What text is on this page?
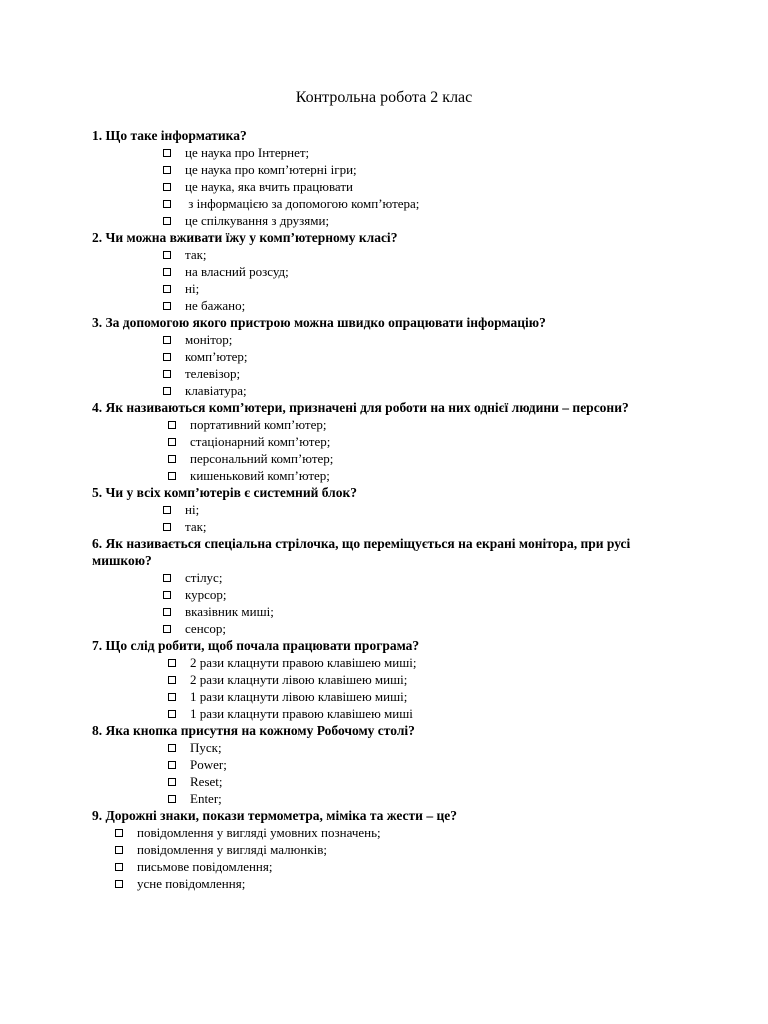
Контрольна робота 2 клас

1. Що таке інформатика?

це наука про Інтернет;
це наука про комп’ютерні ігри;
це наука, яка вчить працювати
з інформацією за допомогою комп’ютера;
це спілкування з друзями;

2. Чи можна вживати їжу у комп’ютерному класі?

так;
на власний розсуд;
ні;
не бажано;

3. За допомогою якого пристрою можна швидко опрацювати інформацію?

монітор;
комп’ютер;
телевізор;
клавіатура;

4. Як називаються комп’ютери, призначені для роботи на них однієї людини – персони?

портативний комп’ютер;
стаціонарний комп’ютер;
персональний комп’ютер;
кишеньковий комп’ютер;

5. Чи у всіх комп’ютерів є системний блок?

ні;
так;

6. Як називається спеціальна стрілочка, що переміщується на екрані монітора, при русі мишкою?

стілус;
курсор;
вказівник миші;
сенсор;

7. Що слід робити, щоб почала працювати програма?

2 рази клацнути правою клавішею миші;
2 рази клацнути лівою клавішею миші;
1 рази клацнути лівою клавішею миші;
1 рази клацнути правою клавішею миші

8. Яка кнопка присутня на кожному Робочому столі?

Пуск;
Power;
Reset;
Enter;

9. Дорожні знаки, покази термометра, міміка та жести – це?

повідомлення у вигляді умовних позначень;
повідомлення у вигляді малюнків;
письмове повідомлення;
усне повідомлення;
